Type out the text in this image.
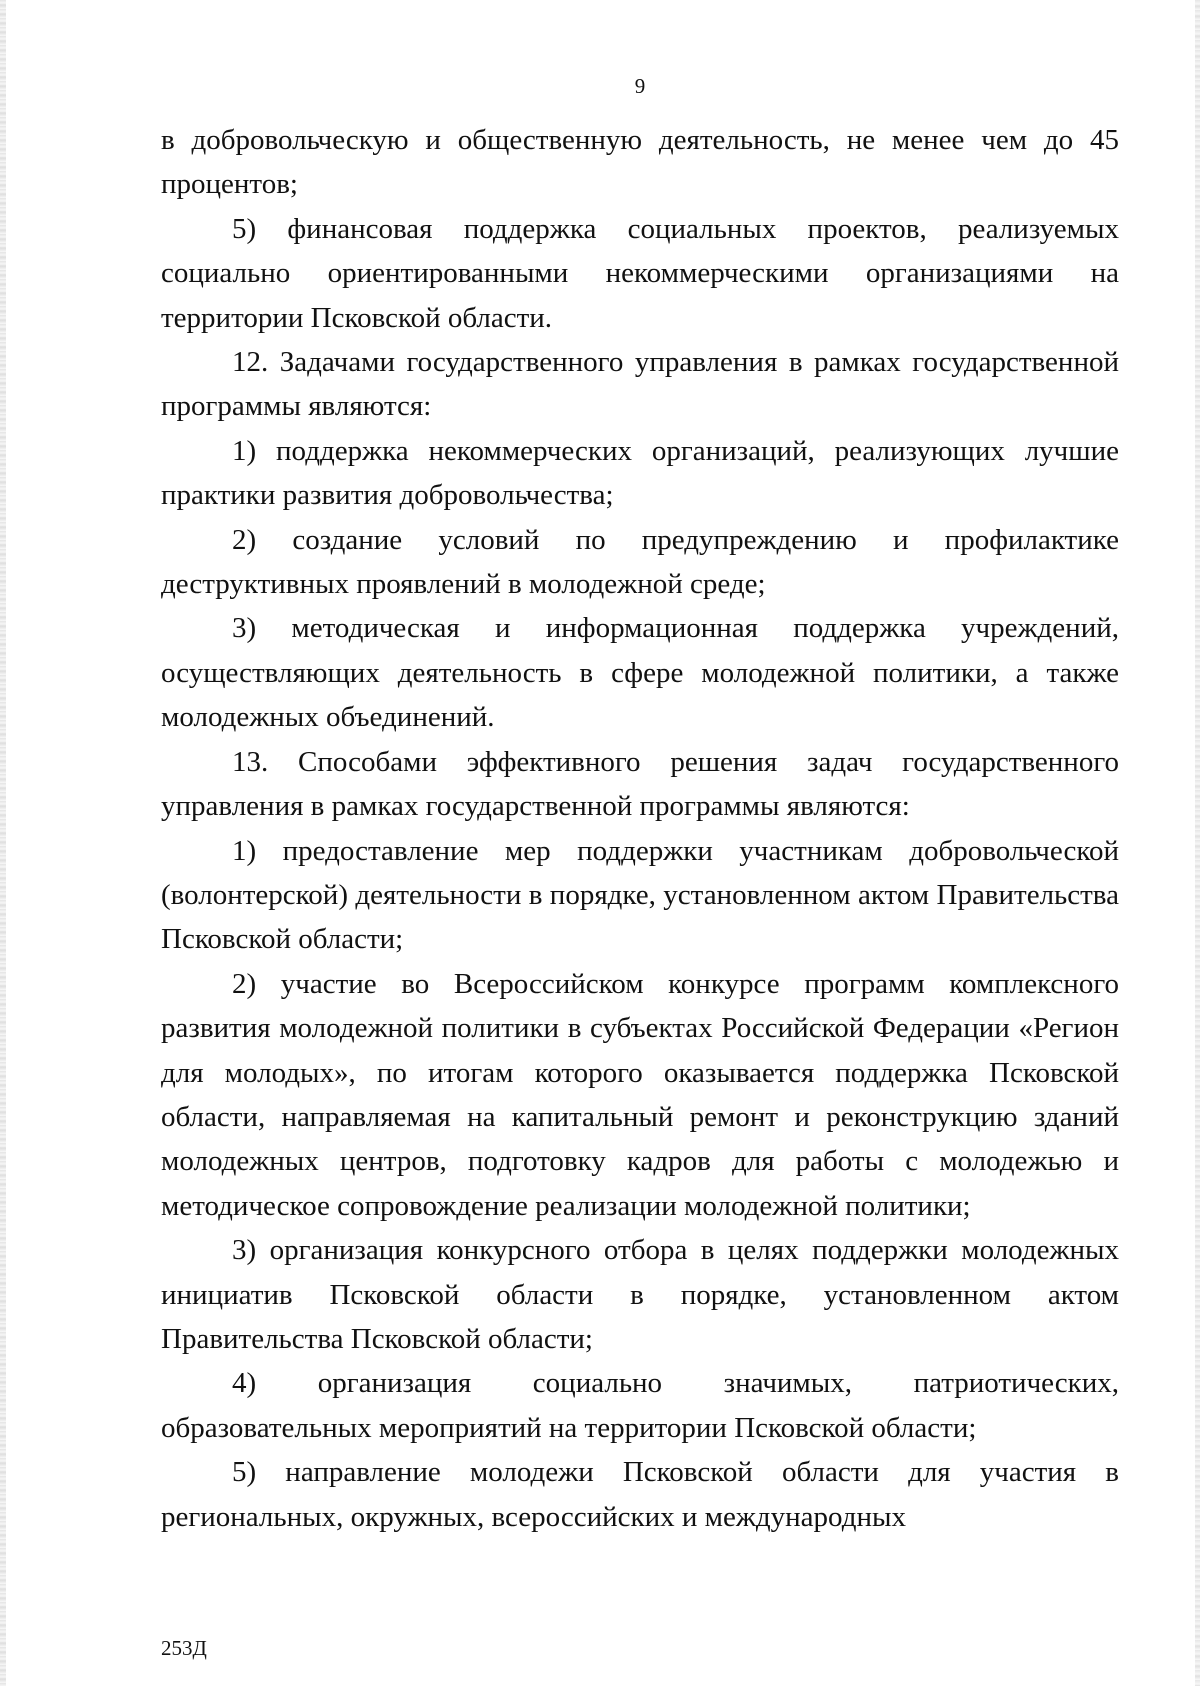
9

в добровольческую и общественную деятельность, не менее чем до 45 процентов;

5) финансовая поддержка социальных проектов, реализуемых социально ориентированными некоммерческими организациями на территории Псковской области.

12. Задачами государственного управления в рамках государственной программы являются:

1) поддержка некоммерческих организаций, реализующих лучшие практики развития добровольчества;

2) создание условий по предупреждению и профилактике деструктивных проявлений в молодежной среде;

3) методическая и информационная поддержка учреждений, осуществляющих деятельность в сфере молодежной политики, а также молодежных объединений.

13. Способами эффективного решения задач государственного управления в рамках государственной программы являются:

1) предоставление мер поддержки участникам добровольческой (волонтерской) деятельности в порядке, установленном актом Правительства Псковской области;

2) участие во Всероссийском конкурсе программ комплексного развития молодежной политики в субъектах Российской Федерации «Регион для молодых», по итогам которого оказывается поддержка Псковской области, направляемая на капитальный ремонт и реконструкцию зданий молодежных центров, подготовку кадров для работы с молодежью и методическое сопровождение реализации молодежной политики;

3) организация конкурсного отбора в целях поддержки молодежных инициатив Псковской области в порядке, установленном актом Правительства Псковской области;

4) организация социально значимых, патриотических, образовательных мероприятий на территории Псковской области;

5) направление молодежи Псковской области для участия в региональных, окружных, всероссийских и международных

253Д
